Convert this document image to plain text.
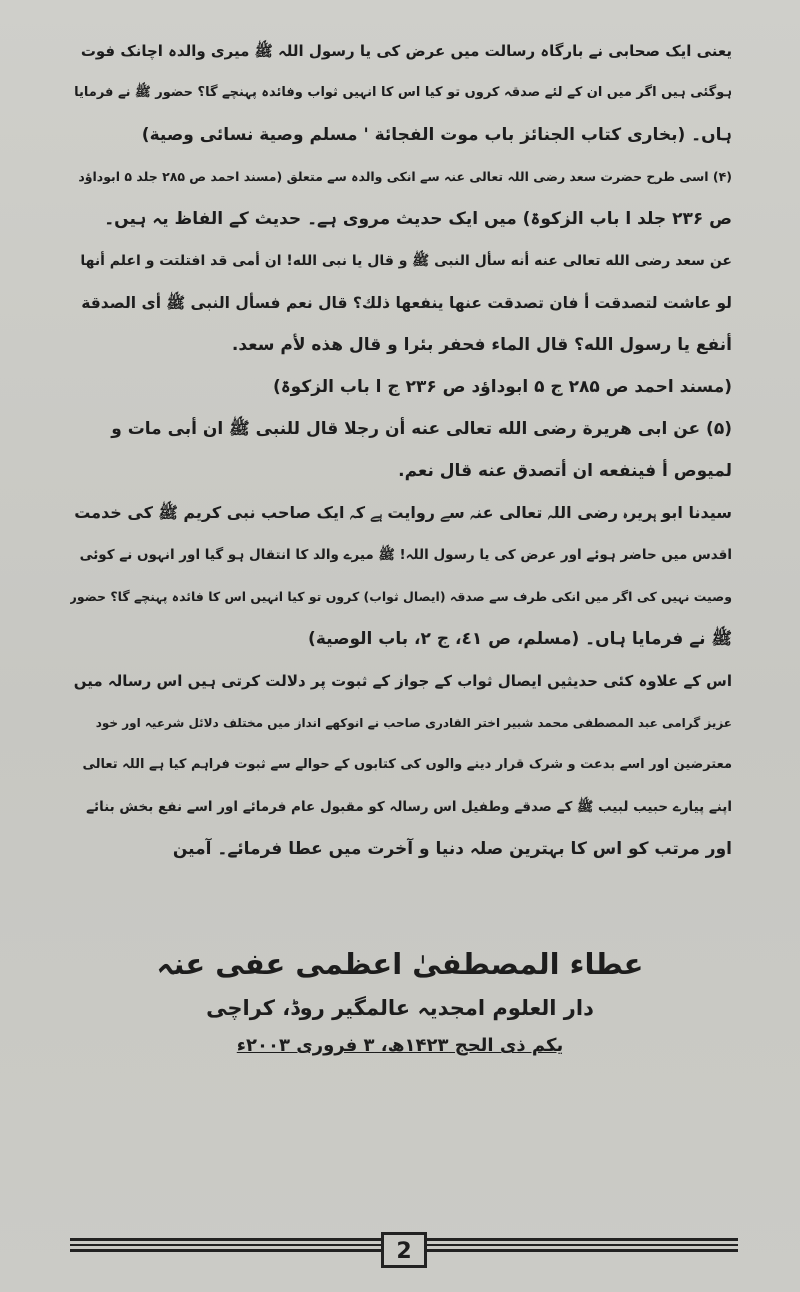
یعنی ایک صحابی نے بارگاہ رسالت میں عرض کی یا رسول اللہ ﷺ میری والدہ اچانک فوت
ہوگئی ہیں اگر میں ان کے لئے صدقہ کروں تو کیا اس کا انہیں ثواب وفائدہ پہنچے گا؟ حضور ﷺ نے فرمایا
ہاں۔ (بخاری كتاب الجنائز باب موت الفجائة ' مسلم وصية نسائی وصية)
(۴) اسی طرح حضرت سعد رضی اللہ تعالی عنہ سے انکی والدہ سے متعلق (مسند احمد ص ۲۸۵ جلد ۵ ابوداؤد
ص ۲۳۶ جلد ا باب الزکوۃ) میں ایک حدیث مروی ہے۔ حدیث کے الفاظ یہ ہیں۔
عن سعد رضى الله تعالى عنه أنه سأل النبى ﷺ و قال يا نبى الله! ان أمى قد افتلتت و اعلم أنها
لو عاشت لتصدقت أ فان تصدقت عنها ينفعها ذلك؟ قال نعم فسأل النبى ﷺ أى الصدقة
أنفع يا رسول الله؟ قال الماء فحفر بئرا و قال هذه لأم سعد.
(مسند احمد ص ۲۸۵ ج ۵ ابوداؤد ص ۲۳۶ ج ا باب الزکوۃ)
(۵) عن ابى هريرة رضى الله تعالى عنه أن رجلا قال للنبى ﷺ ان أبى مات و
لميوص أ فينفعه ان أتصدق عنه قال نعم.
سیدنا ابو ہریرہ رضی اللہ تعالی عنہ سے روایت ہے کہ ایک صاحب نبی کریم ﷺ کی خدمت
اقدس میں حاضر ہوئے اور عرض کی یا رسول اللہ! ﷺ میرے والد کا انتقال ہو گیا اور انہوں نے کوئی
وصیت نہیں کی اگر میں انکی طرف سے صدقہ (ایصال ثواب) کروں تو کیا انہیں اس کا فائدہ پہنچے گا؟ حضور
ﷺ نے فرمایا ہاں۔ (مسلم، ص ٤١، ج ٢، باب الوصية)
اس کے علاوہ کئی حدیثیں ایصال ثواب کے جواز کے ثبوت پر دلالت کرتی ہیں اس رسالہ میں
عزیز گرامی عبد المصطفی محمد شبیر اختر القادری صاحب نے انوکھے انداز میں مختلف دلائل شرعیہ اور خود
معترضین اور اسے بدعت و شرک قرار دینے والوں کی کتابوں کے حوالے سے ثبوت فراہم کیا ہے اللہ تعالی
اپنے پیارے حبیب لبیب ﷺ کے صدقے وطفیل اس رسالہ کو مقبول عام فرمائے اور اسے نفع بخش بنائے
اور مرتب کو اس کا بہترین صلہ دنیا و آخرت میں عطا فرمائے۔ آمین
عطاء المصطفیٰ اعظمی عفی عنہ
دار العلوم امجدیہ عالمگیر روڈ، کراچی
یکم ذی الحج ۱۴۲۳ھ، ۳ فروری ۲۰۰۳ء
2
